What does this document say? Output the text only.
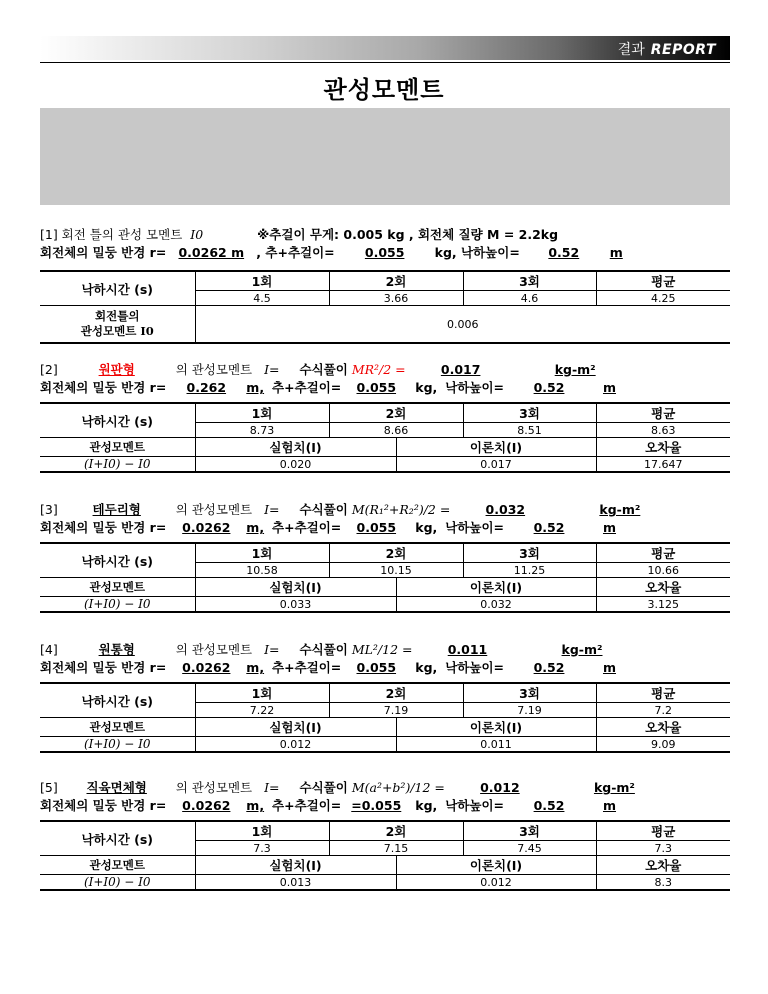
결과 REPORT
관성모멘트
[1] 회전 틀의 관성 모멘트 I0	※추걸이 무게: 0.005 kg , 회전체 질량 M = 2.2kg
회전체의 밀둥 반경 r= 0.0262 m , 추+추걸이= 0.055 kg, 낙하높이= 0.52 m
낙하시간 (s)	1회	2회	3회	평균
	4.5	3.66	4.6	4.25
회전틀의
관성모멘트 I0	0.006			
[2]	원판형	의 관성모멘트 I= 수식풀이 MR²/2 =	0.017	kg-m²
회전체의 밀둥 반경 r= 0.262 m, 추+추걸이= 0.055 kg, 낙하높이= 0.52	m
낙하시간 (s)	1회	2회		3회	평균
	8.73	8.66		8.51	8.63
관성모멘트	실험치(I)		이론치(I)		오차율
(I+I0) − I0	0.020		0.017		17.647
[3]	테두리형	의 관성모멘트 I= 수식풀이 M(R₁²+R₂²)/2 =	0.032	kg-m²
회전체의 밀둥 반경 r= 0.0262 m, 추+추걸이= 0.055 kg, 낙하높이= 0.52	m
낙하시간 (s)	1회	2회		3회	평균
	10.58	10.15		11.25	10.66
관성모멘트	실험치(I)		이론치(I)		오차율
(I+I0) − I0	0.033		0.032		3.125
[4]	원통형	의 관성모멘트 I= 수식풀이 ML²/12 =	0.011	kg-m²
회전체의 밀둥 반경 r= 0.0262 m, 추+추걸이= 0.055 kg, 낙하높이= 0.52	m
낙하시간 (s)	1회	2회		3회	평균
	7.22	7.19		7.19	7.2
관성모멘트	실험치(I)		이론치(I)		오차율
(I+I0) − I0	0.012		0.011		9.09
[5] 직육면체형 의 관성모멘트 I= 수식풀이 M(a²+b²)/12 =	0.012	kg-m²
회전체의 밀둥 반경 r= 0.0262 m, 추+추걸이= =0.055 kg, 낙하높이= 0.52	m
낙하시간 (s)	1회	2회		3회	평균
	7.3	7.15		7.45	7.3
관성모멘트	실험치(I)		이론치(I)		오차율
(I+I0) − I0	0.013		0.012		8.3
